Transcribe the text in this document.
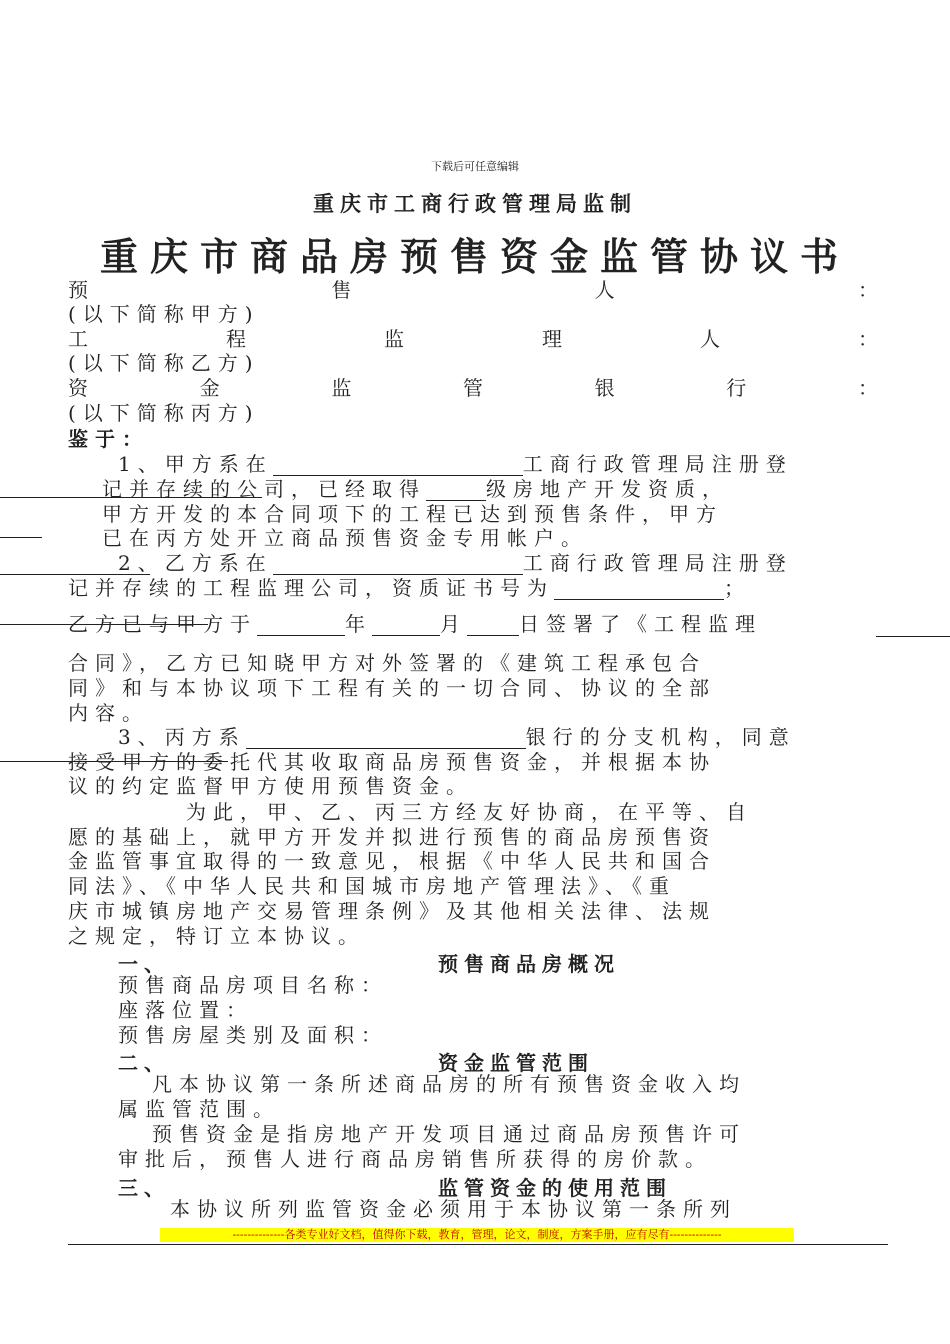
下载后可任意编辑
重庆市工商行政管理局监制
重庆市商品房预售资金监管协议书
预	售	人	：
(以下简称甲方)
工	程	监	理	人	：
(以下简称乙方)
资	金	监	管	银	行	：
(以下简称丙方)
鉴于：
1、甲方系在	工商行政管理局注册登
记并存续的公司，已经取得	级房地产开发资质，
甲方开发的本合同项下的工程已达到预售条件，甲方
已在丙方处开立商品预售资金专用帐户。
2、乙方系在	工商行政管理局注册登
记并存续的工程监理公司，资质证书号为	；
乙方已与甲方于	年	月	日签署了《工程监理
合同》，乙方已知晓甲方对外签署的《建筑工程承包合
同》和与本协议项下工程有关的一切合同、协议的全部
内容。
3、丙方系	银行的分支机构，同意
接受甲方的委托代其收取商品房预售资金，并根据本协
议的约定监督甲方使用预售资金。
为此，甲、乙、丙三方经友好协商，在平等、自
愿的基础上，就甲方开发并拟进行预售的商品房预售资
金监管事宜取得的一致意见，根据《中华人民共和国合
同法》、《中华人民共和国城市房地产管理法》、《重
庆市城镇房地产交易管理条例》及其他相关法律、法规
之规定，特订立本协议。
一、	预售商品房概况
预售商品房项目名称：
座落位置：
预售房屋类别及面积：
二、	资金监管范围
凡本协议第一条所述商品房的所有预售资金收入均
属监管范围。
预售资金是指房地产开发项目通过商品房预售许可
审批后，预售人进行商品房销售所获得的房价款。
三、	监管资金的使用范围
本协议所列监管资金必须用于本协议第一条所列
--------------各类专业好文档，值得你下载，教育，管理，论文，制度，方案手册，应有尽有--------------
